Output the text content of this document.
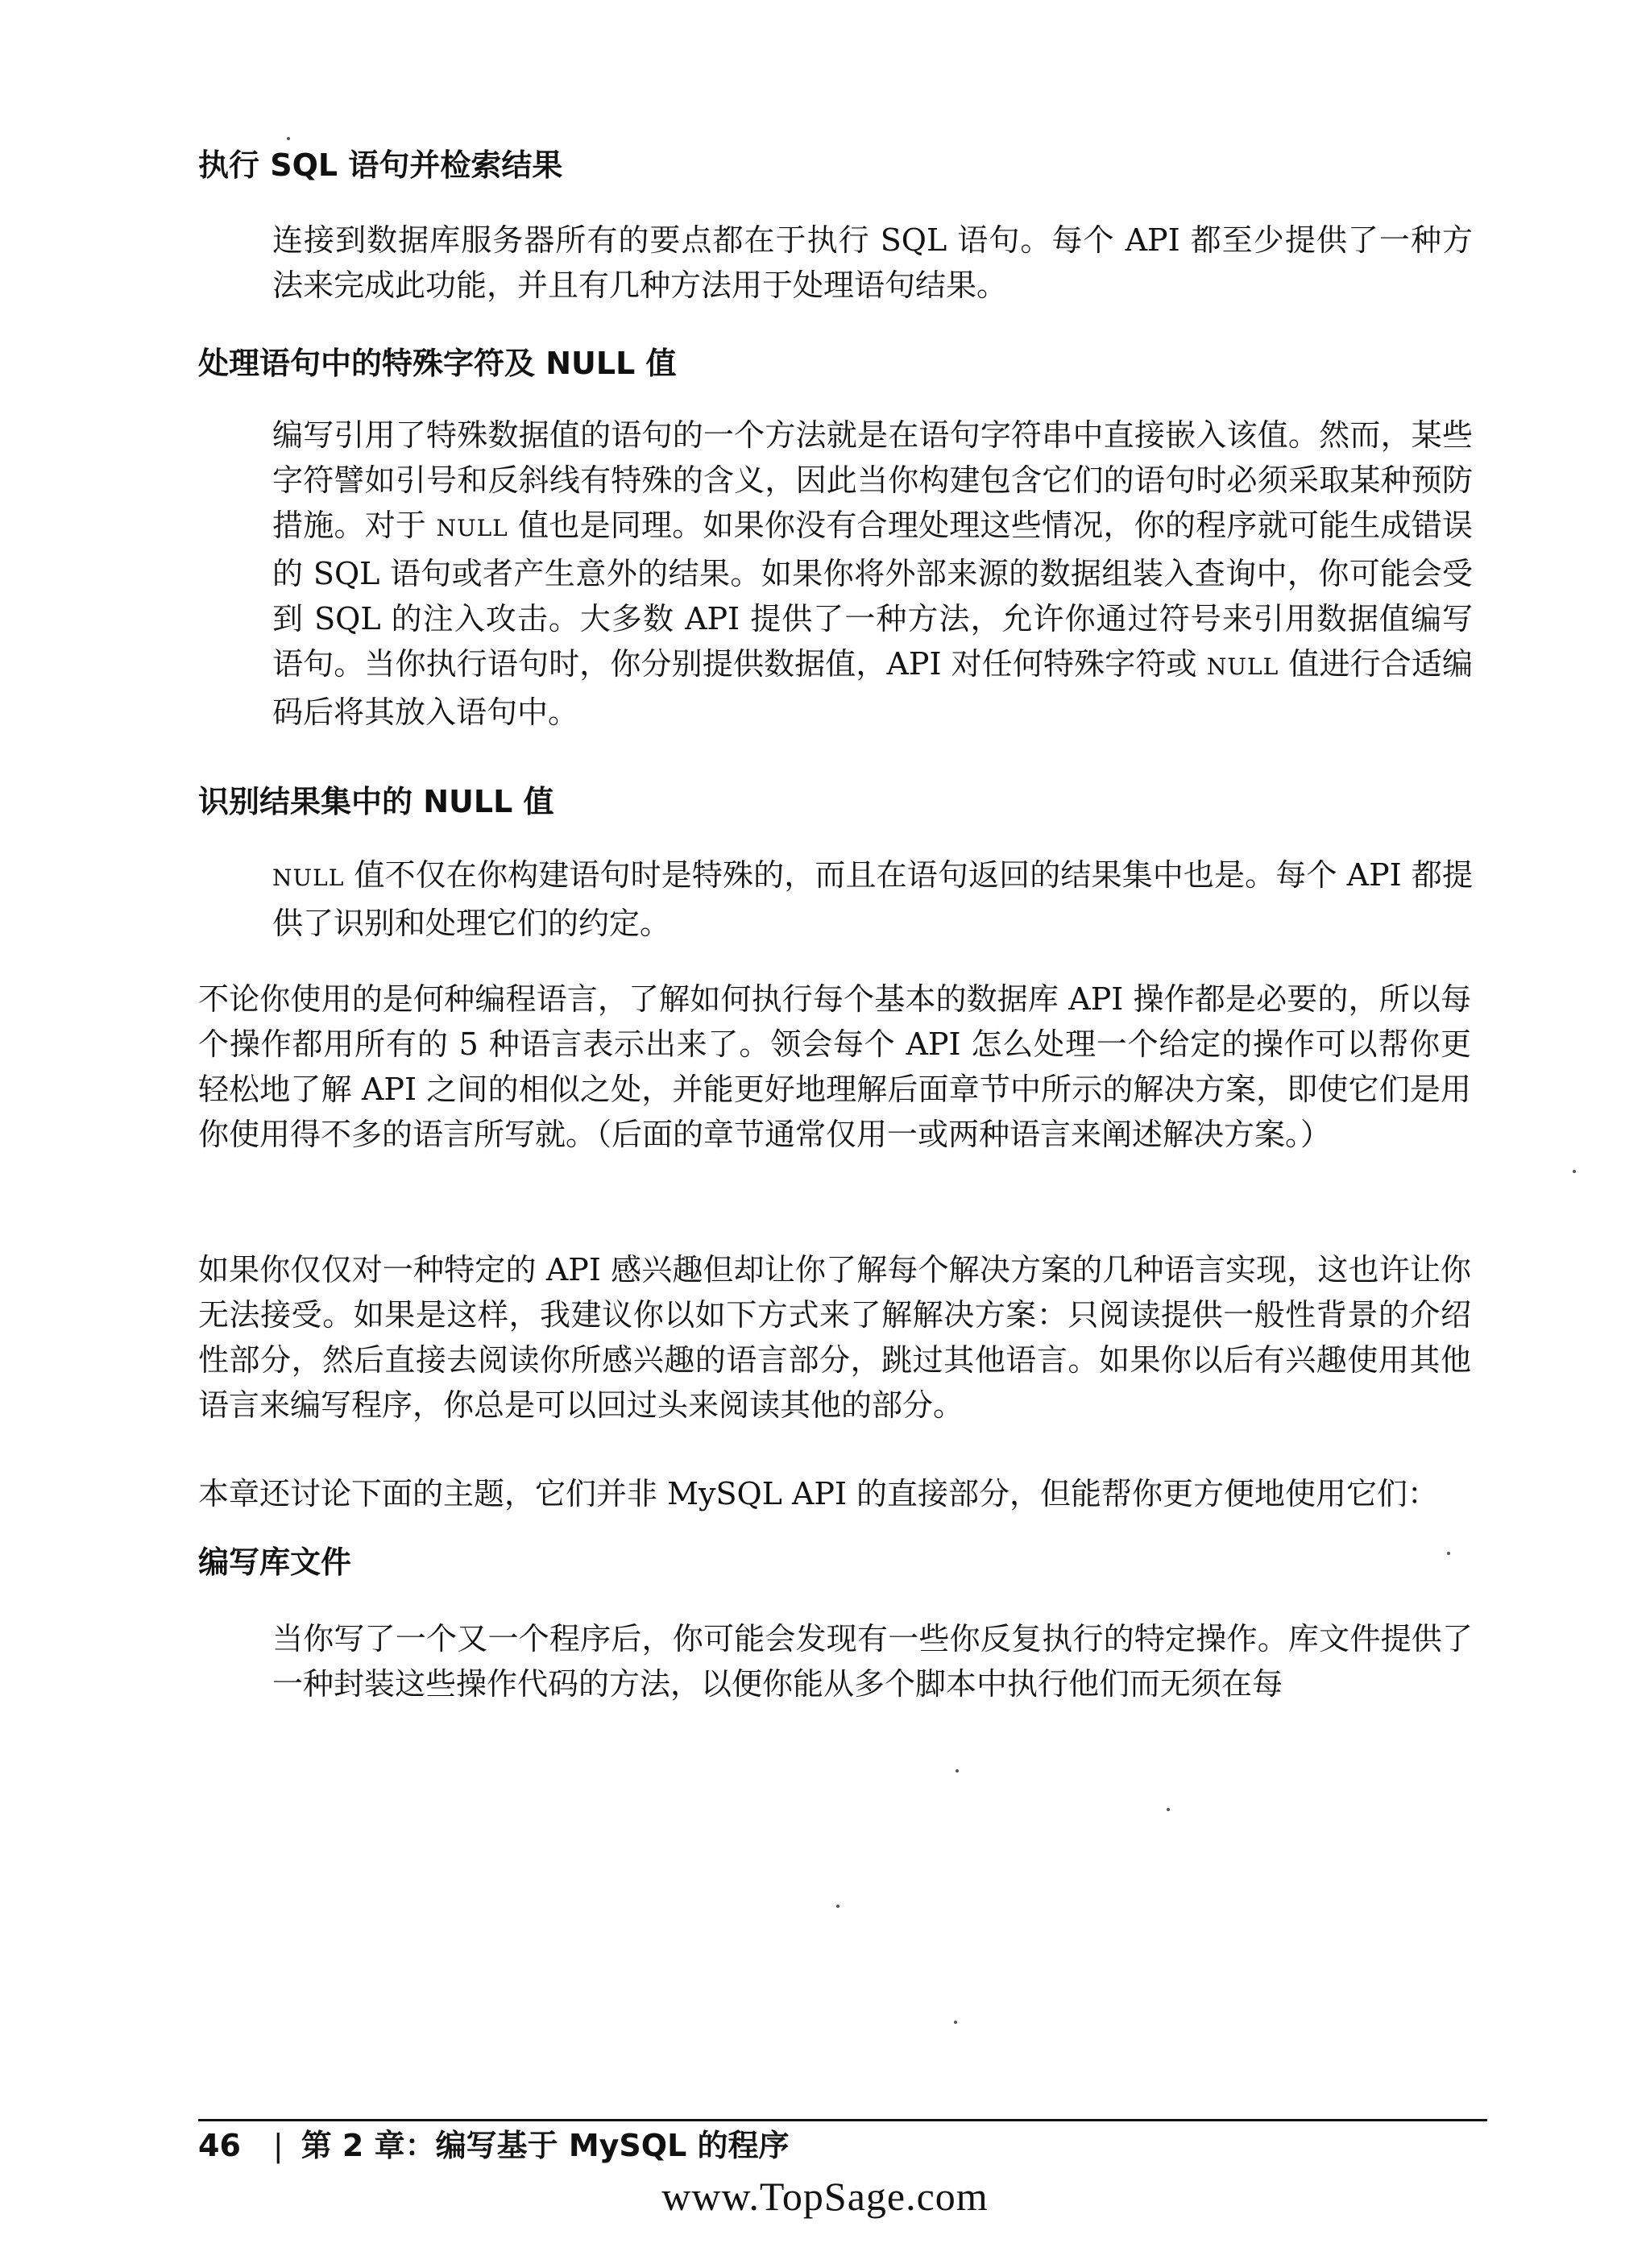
执行 SQL 语句并检索结果

连接到数据库服务器所有的要点都在于执行 SQL 语句。每个 API 都至少提供了一种方法来完成此功能，并且有几种方法用于处理语句结果。

处理语句中的特殊字符及 NULL 值

编写引用了特殊数据值的语句的一个方法就是在语句字符串中直接嵌入该值。然而，某些字符譬如引号和反斜线有特殊的含义，因此当你构建包含它们的语句时必须采取某种预防措施。对于 NULL 值也是同理。如果你没有合理处理这些情况，你的程序就可能生成错误的 SQL 语句或者产生意外的结果。如果你将外部来源的数据组装入查询中，你可能会受到 SQL 的注入攻击。大多数 API 提供了一种方法，允许你通过符号来引用数据值编写语句。当你执行语句时，你分别提供数据值，API 对任何特殊字符或 NULL 值进行合适编码后将其放入语句中。

识别结果集中的 NULL 值

NULL 值不仅在你构建语句时是特殊的，而且在语句返回的结果集中也是。每个 API 都提供了识别和处理它们的约定。

不论你使用的是何种编程语言，了解如何执行每个基本的数据库 API 操作都是必要的，所以每个操作都用所有的 5 种语言表示出来了。领会每个 API 怎么处理一个给定的操作可以帮你更轻松地了解 API 之间的相似之处，并能更好地理解后面章节中所示的解决方案，即使它们是用你使用得不多的语言所写就。（后面的章节通常仅用一或两种语言来阐述解决方案。）

如果你仅仅对一种特定的 API 感兴趣但却让你了解每个解决方案的几种语言实现，这也许让你无法接受。如果是这样，我建议你以如下方式来了解解决方案：只阅读提供一般性背景的介绍性部分，然后直接去阅读你所感兴趣的语言部分，跳过其他语言。如果你以后有兴趣使用其他语言来编写程序，你总是可以回过头来阅读其他的部分。

本章还讨论下面的主题，它们并非 MySQL API 的直接部分，但能帮你更方便地使用它们：

编写库文件

当你写了一个又一个程序后，你可能会发现有一些你反复执行的特定操作。库文件提供了一种封装这些操作代码的方法，以便你能从多个脚本中执行他们而无须在每

46 | 第 2 章：编写基于 MySQL 的程序
www.TopSage.com
